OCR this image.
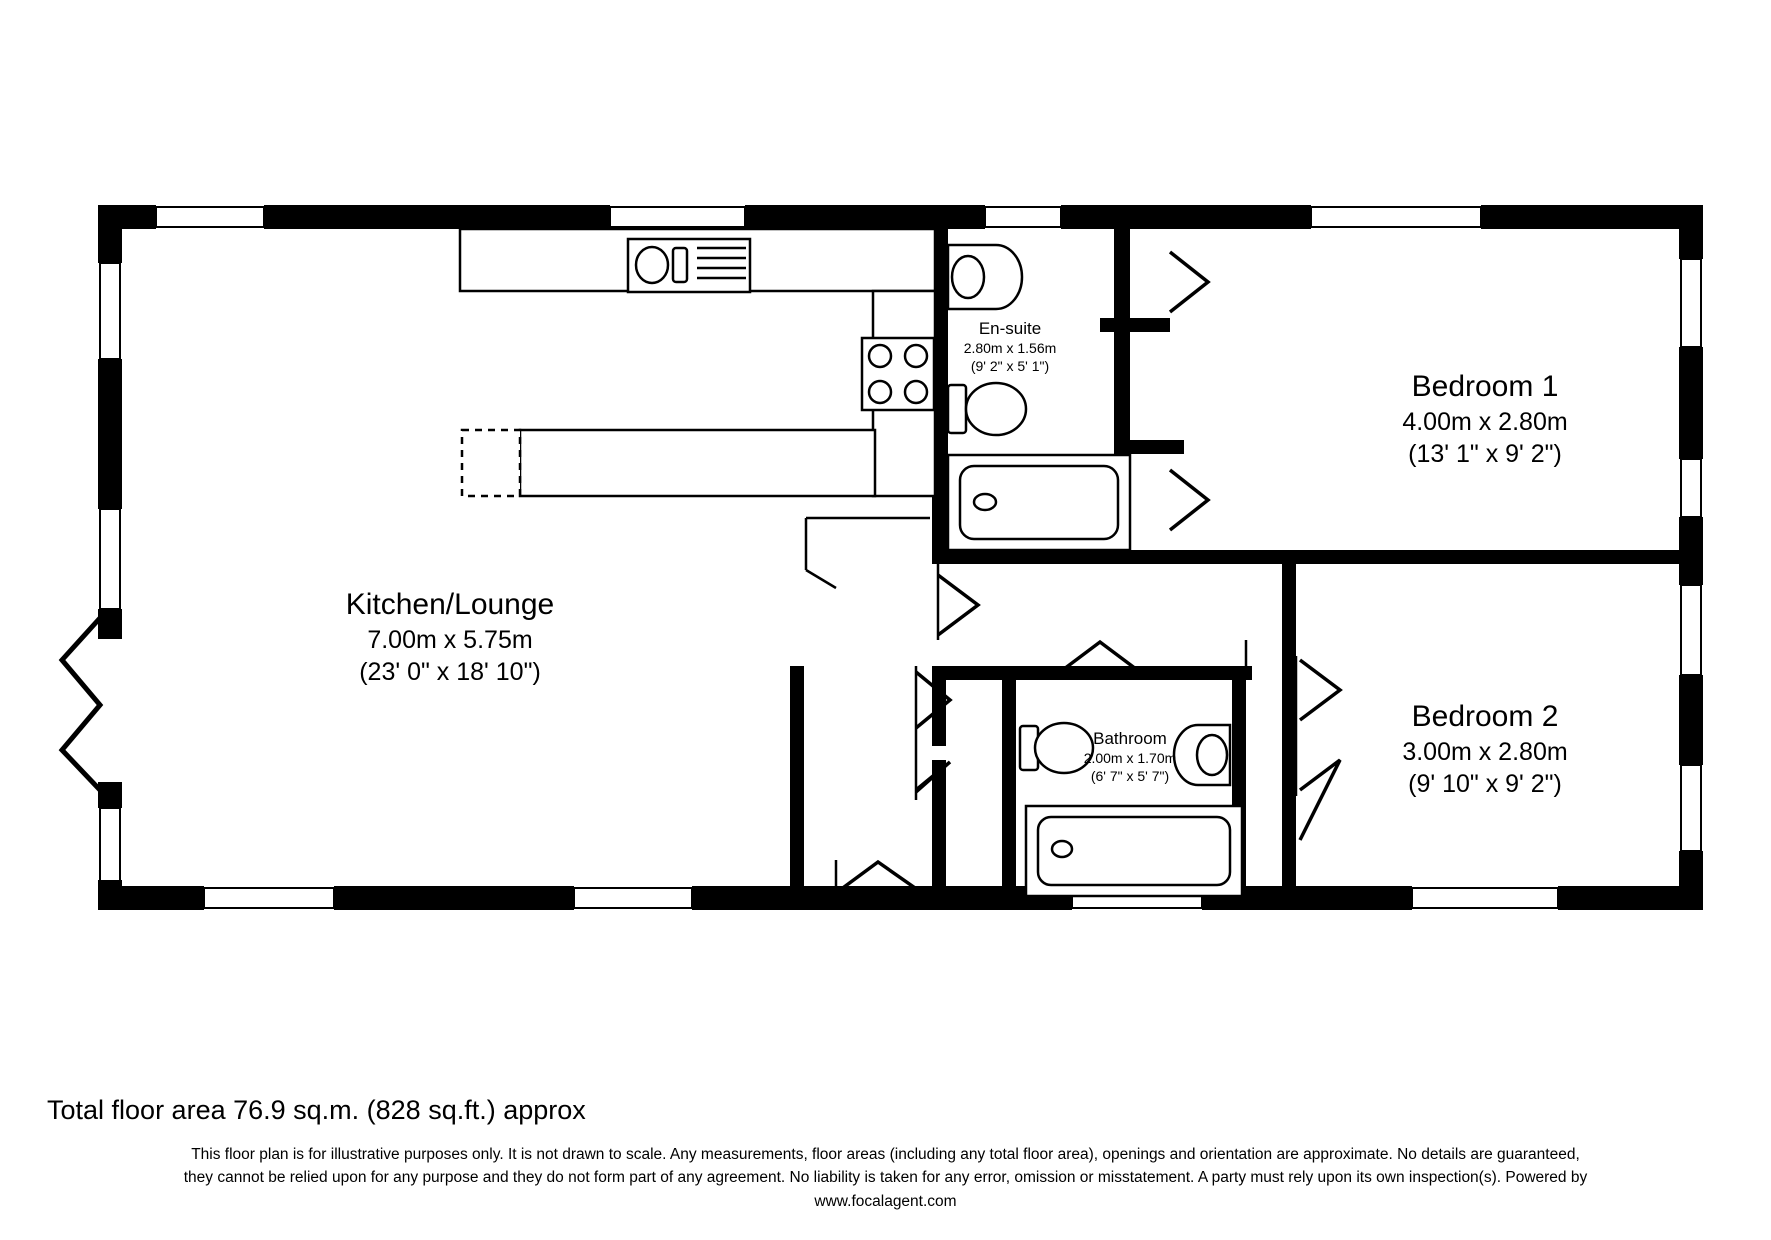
Kitchen/Lounge
7.00m x 5.75m
(23' 0" x 18' 10")
En-suite
2.80m x 1.56m
(9' 2" x 5' 1")
Bedroom 1
4.00m x 2.80m
(13' 1" x 9' 2")
Bedroom 2
3.00m x 2.80m
(9' 10" x 9' 2")
Bathroom
2.00m x 1.70m
(6' 7" x 5' 7")
Total floor area 76.9 sq.m. (828 sq.ft.) approx
This floor plan is for illustrative purposes only. It is not drawn to scale. Any measurements, floor areas (including any total floor area), openings and orientation are approximate. No details are guaranteed,
they cannot be relied upon for any purpose and they do not form part of any agreement. No liability is taken for any error, omission or misstatement. A party must rely upon its own inspection(s). Powered by
www.focalagent.com
